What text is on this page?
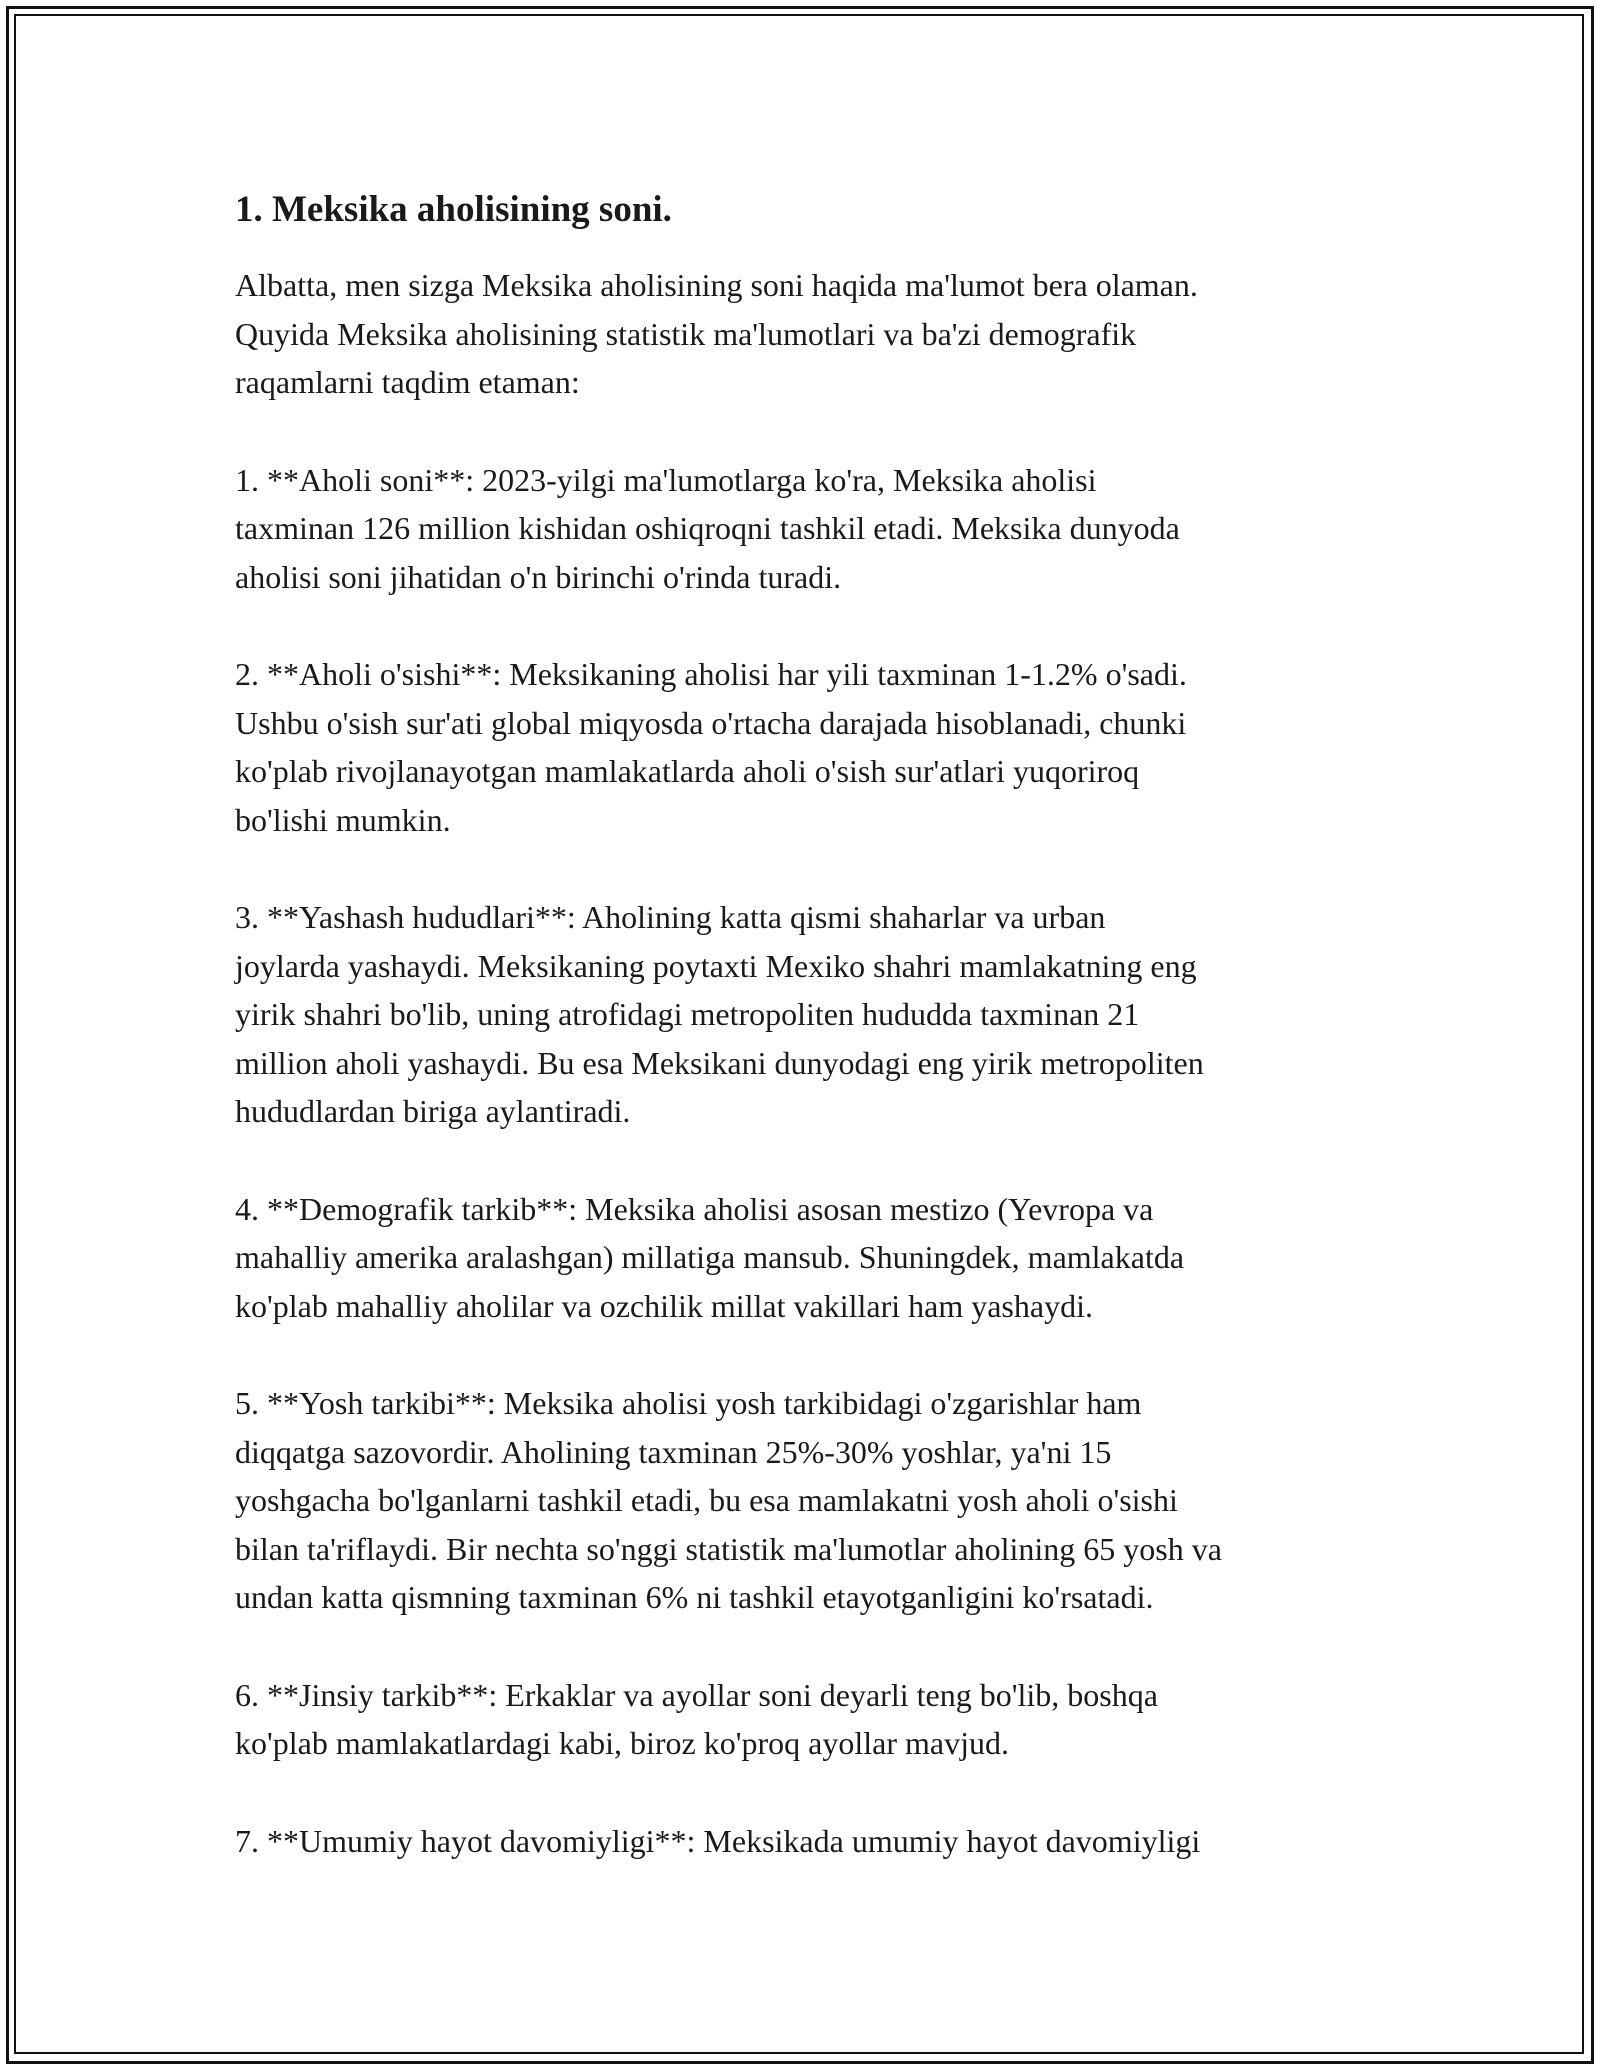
1. Meksika aholisining soni.

Albatta, men sizga Meksika aholisining soni haqida ma'lumot bera olaman.
Quyida Meksika aholisining statistik ma'lumotlari va ba'zi demografik
raqamlarni taqdim etaman:

1. **Aholi soni**: 2023-yilgi ma'lumotlarga ko'ra, Meksika aholisi
taxminan 126 million kishidan oshiqroqni tashkil etadi. Meksika dunyoda
aholisi soni jihatidan o'n birinchi o'rinda turadi.

2. **Aholi o'sishi**: Meksikaning aholisi har yili taxminan 1-1.2% o'sadi.
Ushbu o'sish sur'ati global miqyosda o'rtacha darajada hisoblanadi, chunki
ko'plab rivojlanayotgan mamlakatlarda aholi o'sish sur'atlari yuqoriroq
bo'lishi mumkin.

3. **Yashash hududlari**: Aholining katta qismi shaharlar va urban
joylarda yashaydi. Meksikaning poytaxti Mexiko shahri mamlakatning eng
yirik shahri bo'lib, uning atrofidagi metropoliten hududda taxminan 21
million aholi yashaydi. Bu esa Meksikani dunyodagi eng yirik metropoliten
hududlardan biriga aylantiradi.

4. **Demografik tarkib**: Meksika aholisi asosan mestizo (Yevropa va
mahalliy amerika aralashgan) millatiga mansub. Shuningdek, mamlakatda
ko'plab mahalliy aholilar va ozchilik millat vakillari ham yashaydi.

5. **Yosh tarkibi**: Meksika aholisi yosh tarkibidagi o'zgarishlar ham
diqqatga sazovordir. Aholining taxminan 25%-30% yoshlar, ya'ni 15
yoshgacha bo'lganlarni tashkil etadi, bu esa mamlakatni yosh aholi o'sishi
bilan ta'riflaydi. Bir nechta so'nggi statistik ma'lumotlar aholining 65 yosh va
undan katta qismning taxminan 6% ni tashkil etayotganligini ko'rsatadi.

6. **Jinsiy tarkib**: Erkaklar va ayollar soni deyarli teng bo'lib, boshqa
ko'plab mamlakatlardagi kabi, biroz ko'proq ayollar mavjud.

7. **Umumiy hayot davomiyligi**: Meksikada umumiy hayot davomiyligi
